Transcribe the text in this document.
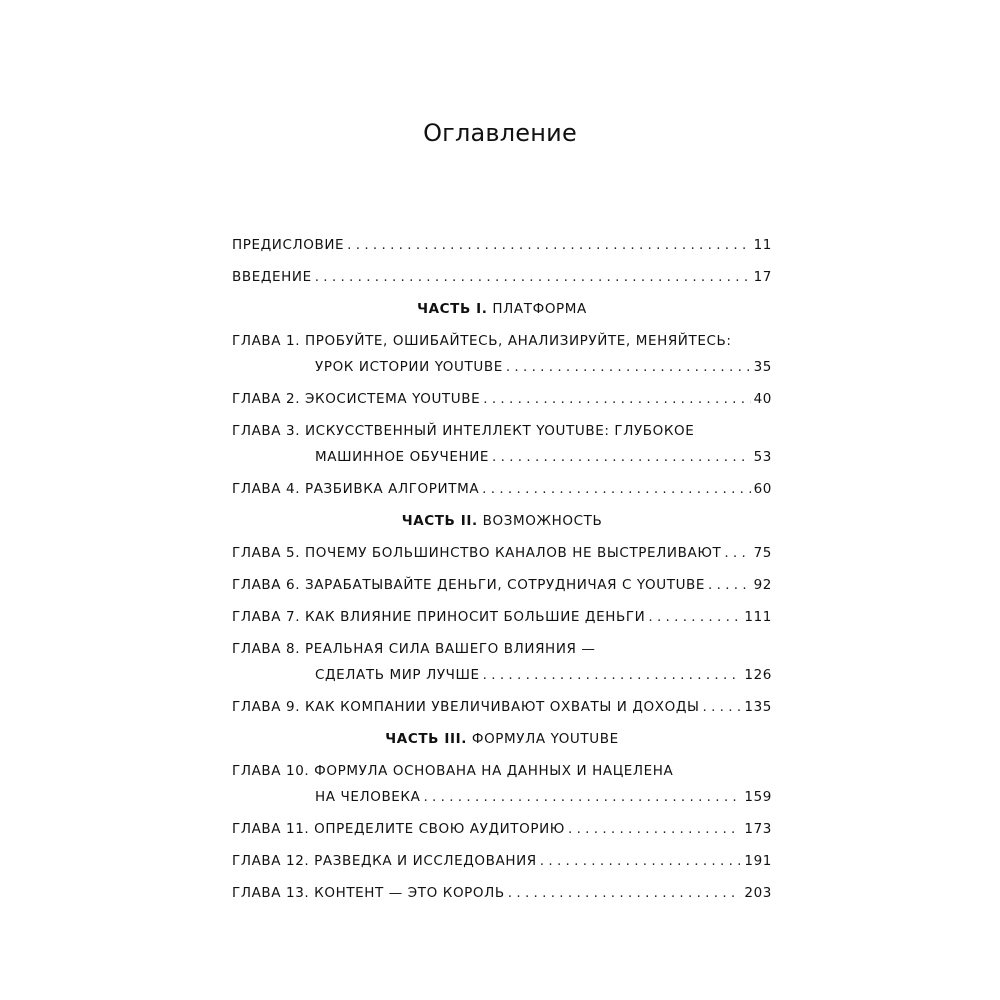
Оглавление
ПРЕДИСЛОВИЕ . . .	11
ВВЕДЕНИЕ . . .	17
ЧАСТЬ I. ПЛАТФОРМА
ГЛАВА 1. ПРОБУЙТЕ, ОШИБАЙТЕСЬ, АНАЛИЗИРУЙТЕ, МЕНЯЙТЕСЬ:
УРОК ИСТОРИИ YOUTUBE . . .	35
ГЛАВА 2. ЭКОСИСТЕМА YOUTUBE . . .	40
ГЛАВА 3. ИСКУССТВЕННЫЙ ИНТЕЛЛЕКТ YOUTUBE: ГЛУБОКОЕ
МАШИННОЕ ОБУЧЕНИЕ . . .	53
ГЛАВА 4. РАЗБИВКА АЛГОРИТМА . . .	60
ЧАСТЬ II. ВОЗМОЖНОСТЬ
ГЛАВА 5. ПОЧЕМУ БОЛЬШИНСТВО КАНАЛОВ НЕ ВЫСТРЕЛИВАЮТ . . . 75
ГЛАВА 6. ЗАРАБАТЫВАЙТЕ ДЕНЬГИ, СОТРУДНИЧАЯ С YOUTUBE . . .	92
ГЛАВА 7. КАК ВЛИЯНИЕ ПРИНОСИТ БОЛЬШИЕ ДЕНЬГИ . . .	111
ГЛАВА 8. РЕАЛЬНАЯ СИЛА ВАШЕГО ВЛИЯНИЯ —
СДЕЛАТЬ МИР ЛУЧШЕ . . .	126
ГЛАВА 9. КАК КОМПАНИИ УВЕЛИЧИВАЮТ ОХВАТЫ И ДОХОДЫ . . .	135
ЧАСТЬ III. ФОРМУЛА YOUTUBE
ГЛАВА 10. ФОРМУЛА ОСНОВАНА НА ДАННЫХ И НАЦЕЛЕНА
НА ЧЕЛОВЕКА . . .	159
ГЛАВА 11. ОПРЕДЕЛИТЕ СВОЮ АУДИТОРИЮ . . .	173
ГЛАВА 12. РАЗВЕДКА И ИССЛЕДОВАНИЯ . . .	191
ГЛАВА 13. КОНТЕНТ — ЭТО КОРОЛЬ . . .	203
